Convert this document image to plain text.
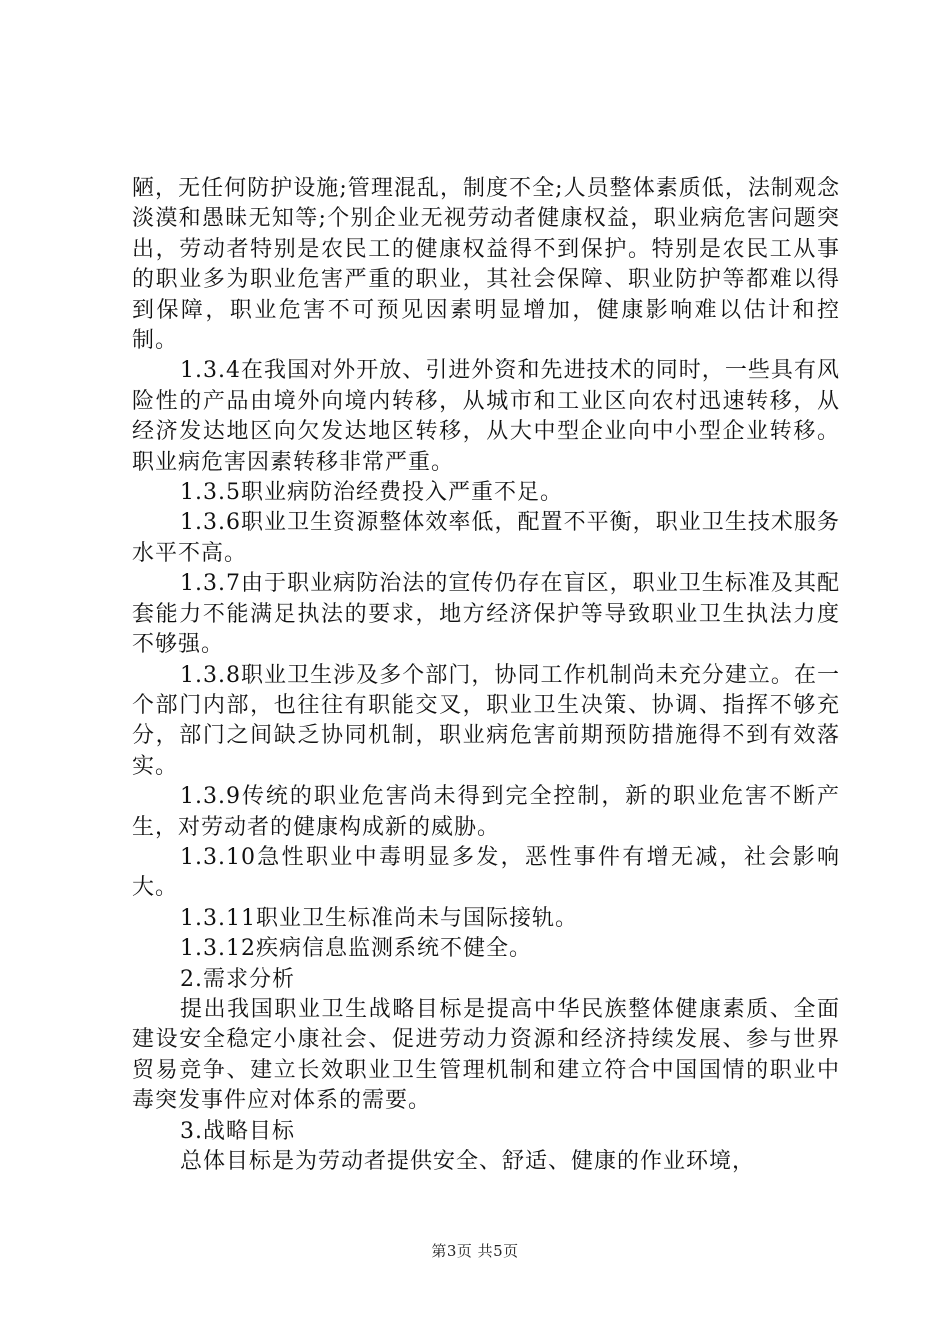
陋，无任何防护设施;管理混乱，制度不全;人员整体素质低，法制观念淡漠和愚昧无知等;个别企业无视劳动者健康权益，职业病危害问题突出，劳动者特别是农民工的健康权益得不到保护。特别是农民工从事的职业多为职业危害严重的职业，其社会保障、职业防护等都难以得到保障，职业危害不可预见因素明显增加，健康影响难以估计和控制。

1.3.4在我国对外开放、引进外资和先进技术的同时，一些具有风险性的产品由境外向境内转移，从城市和工业区向农村迅速转移，从经济发达地区向欠发达地区转移，从大中型企业向中小型企业转移。职业病危害因素转移非常严重。

1.3.5职业病防治经费投入严重不足。

1.3.6职业卫生资源整体效率低，配置不平衡，职业卫生技术服务水平不高。

1.3.7由于职业病防治法的宣传仍存在盲区，职业卫生标准及其配套能力不能满足执法的要求，地方经济保护等导致职业卫生执法力度不够强。

1.3.8职业卫生涉及多个部门，协同工作机制尚未充分建立。在一个部门内部，也往往有职能交叉，职业卫生决策、协调、指挥不够充分，部门之间缺乏协同机制，职业病危害前期预防措施得不到有效落实。

1.3.9传统的职业危害尚未得到完全控制，新的职业危害不断产生，对劳动者的健康构成新的威胁。

1.3.10急性职业中毒明显多发，恶性事件有增无减，社会影响大。

1.3.11职业卫生标准尚未与国际接轨。

1.3.12疾病信息监测系统不健全。

2.需求分析

提出我国职业卫生战略目标是提高中华民族整体健康素质、全面建设安全稳定小康社会、促进劳动力资源和经济持续发展、参与世界贸易竞争、建立长效职业卫生管理机制和建立符合中国国情的职业中毒突发事件应对体系的需要。

3.战略目标

总体目标是为劳动者提供安全、舒适、健康的作业环境，

第3页 共5页
